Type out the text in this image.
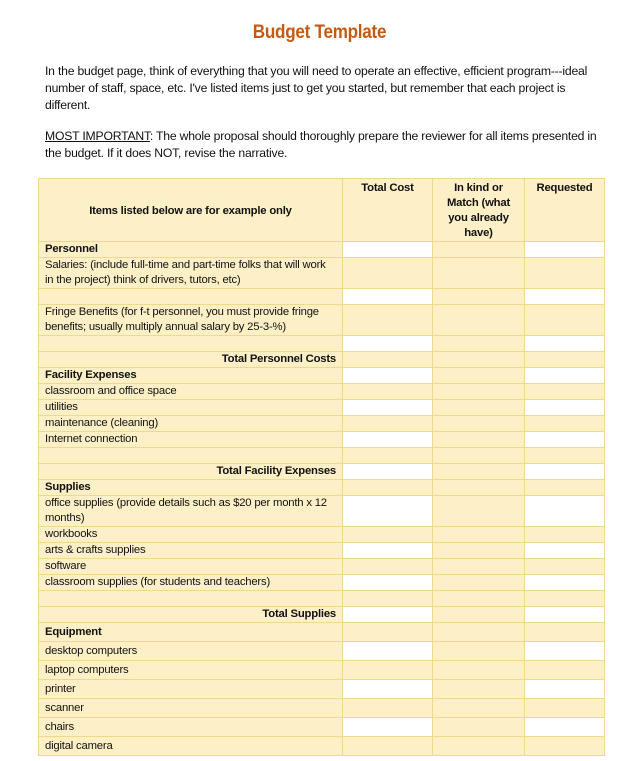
Budget Template
In the budget page, think of everything that you will need to operate an effective, efficient program---ideal number of staff, space, etc. I've listed items just to get you started, but remember that each project is different.
MOST IMPORTANT: The whole proposal should thoroughly prepare the reviewer for all items presented in the budget. If it does NOT, revise the narrative.
Items listed below are for example only	Total Cost	In kind or Match (what you already have)	Requested
Personnel			
Salaries: (include full-time and part-time folks that will work in the project) think of drivers, tutors, etc)			

Fringe Benefits (for f-t personnel, you must provide fringe benefits; usually multiply annual salary by 25-3-%)			

Total Personnel Costs			
Facility Expenses			
classroom and office space			
utilities			
maintenance (cleaning)			
Internet connection			

Total Facility Expenses			
Supplies			
office supplies (provide details such as $20 per month x 12 months)			
workbooks			
arts & crafts supplies			
software			
classroom supplies (for students and teachers)			

Total Supplies			
Equipment			
desktop computers			
laptop computers			
printer			
scanner			
chairs			
digital camera			
